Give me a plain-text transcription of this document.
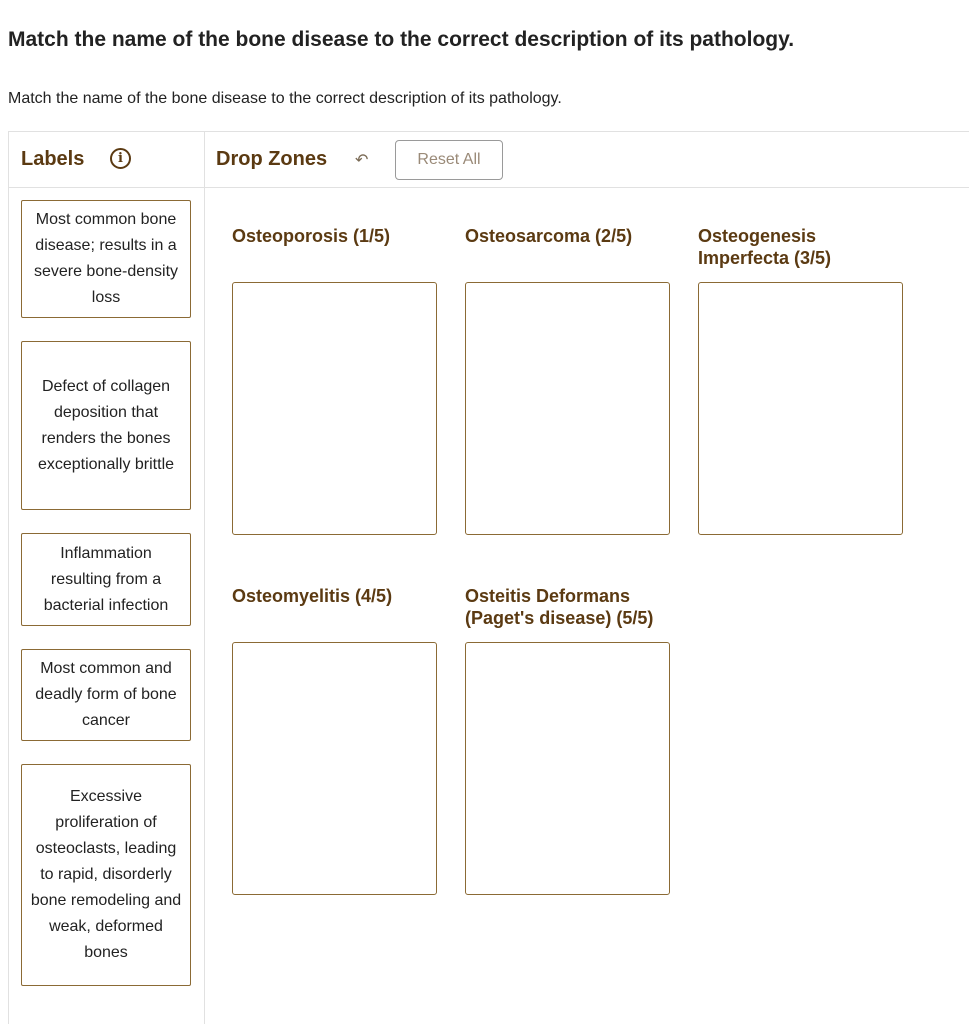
Match the name of the bone disease to the correct description of its pathology.

Match the name of the bone disease to the correct description of its pathology.

Labels	i	Drop Zones ↶	Reset All
Most common bone disease; results in a severe bone-density loss
Defect of collagen deposition that renders the bones exceptionally brittle
Inflammation resulting from a bacterial infection
Most common and deadly form of bone cancer
Excessive proliferation of osteoclasts, leading to rapid, disorderly bone remodeling and weak, deformed bones
Osteoporosis (1/5)	Osteosarcoma (2/5)	Osteogenesis Imperfecta (3/5)
Osteomyelitis (4/5)	Osteitis Deformans (Paget's disease) (5/5)
